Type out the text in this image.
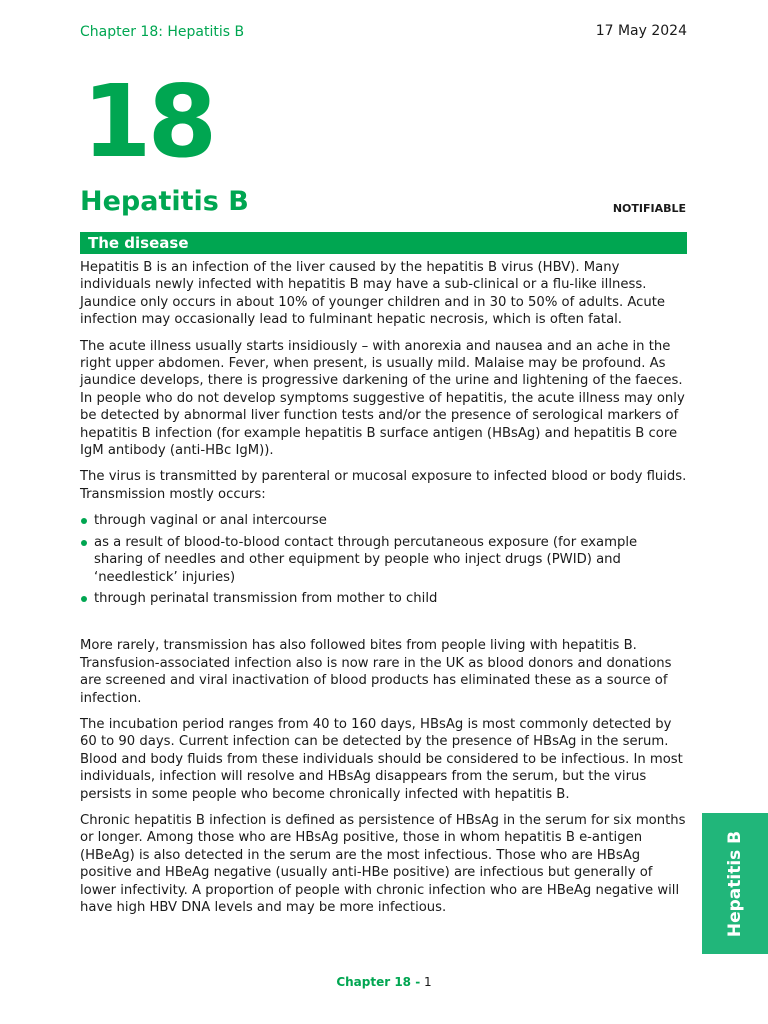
Chapter 18: Hepatitis B	17 May 2024
18
Hepatitis B	NOTIFIABLE
The disease

Hepatitis B is an infection of the liver caused by the hepatitis B virus (HBV). Many individuals newly infected with hepatitis B may have a sub-clinical or a flu-like illness. Jaundice only occurs in about 10% of younger children and in 30 to 50% of adults. Acute infection may occasionally lead to fulminant hepatic necrosis, which is often fatal.

The acute illness usually starts insidiously – with anorexia and nausea and an ache in the right upper abdomen. Fever, when present, is usually mild. Malaise may be profound. As jaundice develops, there is progressive darkening of the urine and lightening of the faeces. In people who do not develop symptoms suggestive of hepatitis, the acute illness may only be detected by abnormal liver function tests and/or the presence of serological markers of hepatitis B infection (for example hepatitis B surface antigen (HBsAg) and hepatitis B core IgM antibody (anti-HBc IgM)).

The virus is transmitted by parenteral or mucosal exposure to infected blood or body fluids. Transmission mostly occurs:

through vaginal or anal intercourse
as a result of blood-to-blood contact through percutaneous exposure (for example sharing of needles and other equipment by people who inject drugs (PWID) and ‘needlestick’ injuries)
through perinatal transmission from mother to child

More rarely, transmission has also followed bites from people living with hepatitis B. Transfusion-associated infection also is now rare in the UK as blood donors and donations are screened and viral inactivation of blood products has eliminated these as a source of infection.

The incubation period ranges from 40 to 160 days, HBsAg is most commonly detected by 60 to 90 days. Current infection can be detected by the presence of HBsAg in the serum. Blood and body fluids from these individuals should be considered to be infectious. In most individuals, infection will resolve and HBsAg disappears from the serum, but the virus persists in some people who become chronically infected with hepatitis B.

Chronic hepatitis B infection is defined as persistence of HBsAg in the serum for six months or longer. Among those who are HBsAg positive, those in whom hepatitis B e-antigen (HBeAg) is also detected in the serum are the most infectious. Those who are HBsAg positive and HBeAg negative (usually anti-HBe positive) are infectious but generally of lower infectivity. A proportion of people with chronic infection who are HBeAg negative will have high HBV DNA levels and may be more infectious.	Hepatitis B
Chapter 18 - 1
